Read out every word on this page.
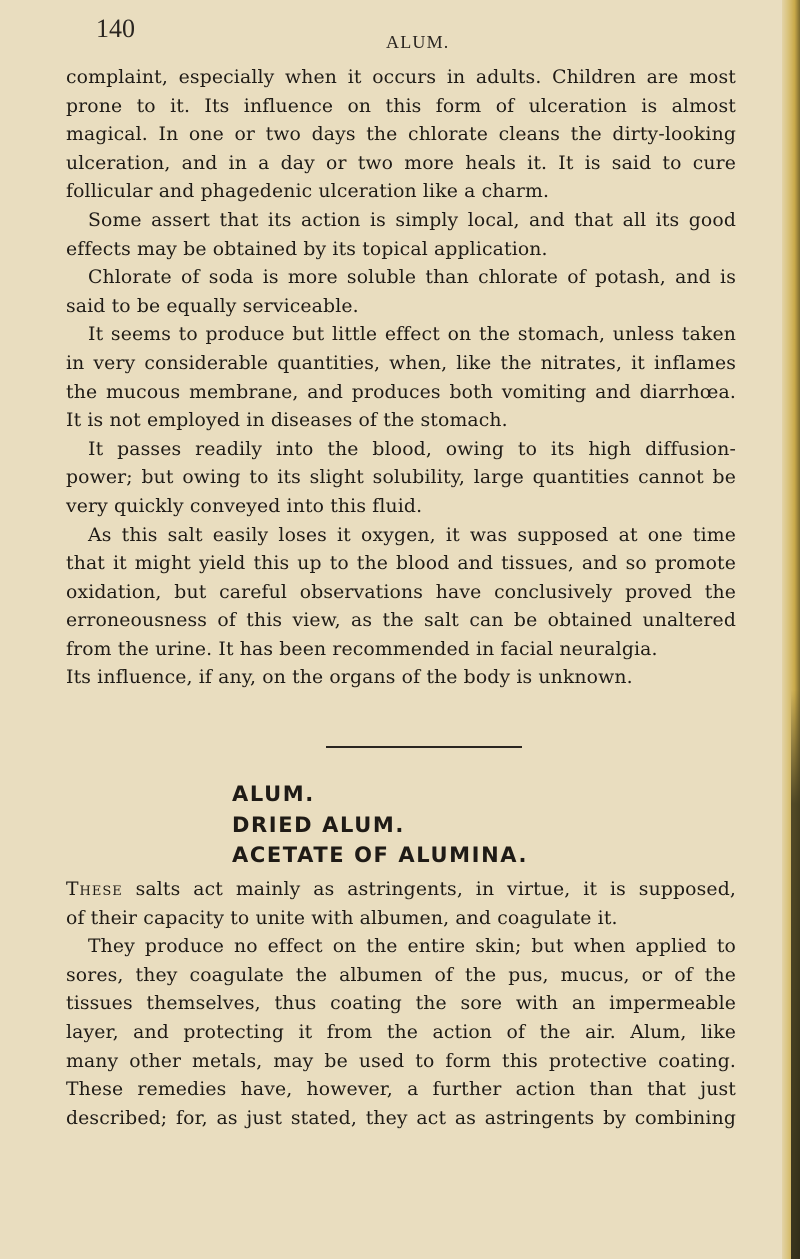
140	ALUM.
complaint, especially when it occurs in adults. Children are most
prone to it. Its influence on this form of ulceration is almost
magical. In one or two days the chlorate cleans the dirty-looking
ulceration, and in a day or two more heals it. It is said to cure
follicular and phagedenic ulceration like a charm.
Some assert that its action is simply local, and that all its good
effects may be obtained by its topical application.
Chlorate of soda is more soluble than chlorate of potash, and is
said to be equally serviceable.
It seems to produce but little effect on the stomach, unless taken
in very considerable quantities, when, like the nitrates, it inflames
the mucous membrane, and produces both vomiting and diarrhœa.
It is not employed in diseases of the stomach.
It passes readily into the blood, owing to its high diffusion-
power; but owing to its slight solubility, large quantities cannot be
very quickly conveyed into this fluid.
As this salt easily loses it oxygen, it was supposed at one time
that it might yield this up to the blood and tissues, and so promote
oxidation, but careful observations have conclusively proved the
erroneousness of this view, as the salt can be obtained unaltered
from the urine. It has been recommended in facial neuralgia.
Its influence, if any, on the organs of the body is unknown.
ALUM.
DRIED ALUM.
ACETATE OF ALUMINA.
These salts act mainly as astringents, in virtue, it is supposed,
of their capacity to unite with albumen, and coagulate it.
They produce no effect on the entire skin; but when applied to
sores, they coagulate the albumen of the pus, mucus, or of the
tissues themselves, thus coating the sore with an impermeable
layer, and protecting it from the action of the air. Alum, like
many other metals, may be used to form this protective coating.
These remedies have, however, a further action than that just
described; for, as just stated, they act as astringents by combining
